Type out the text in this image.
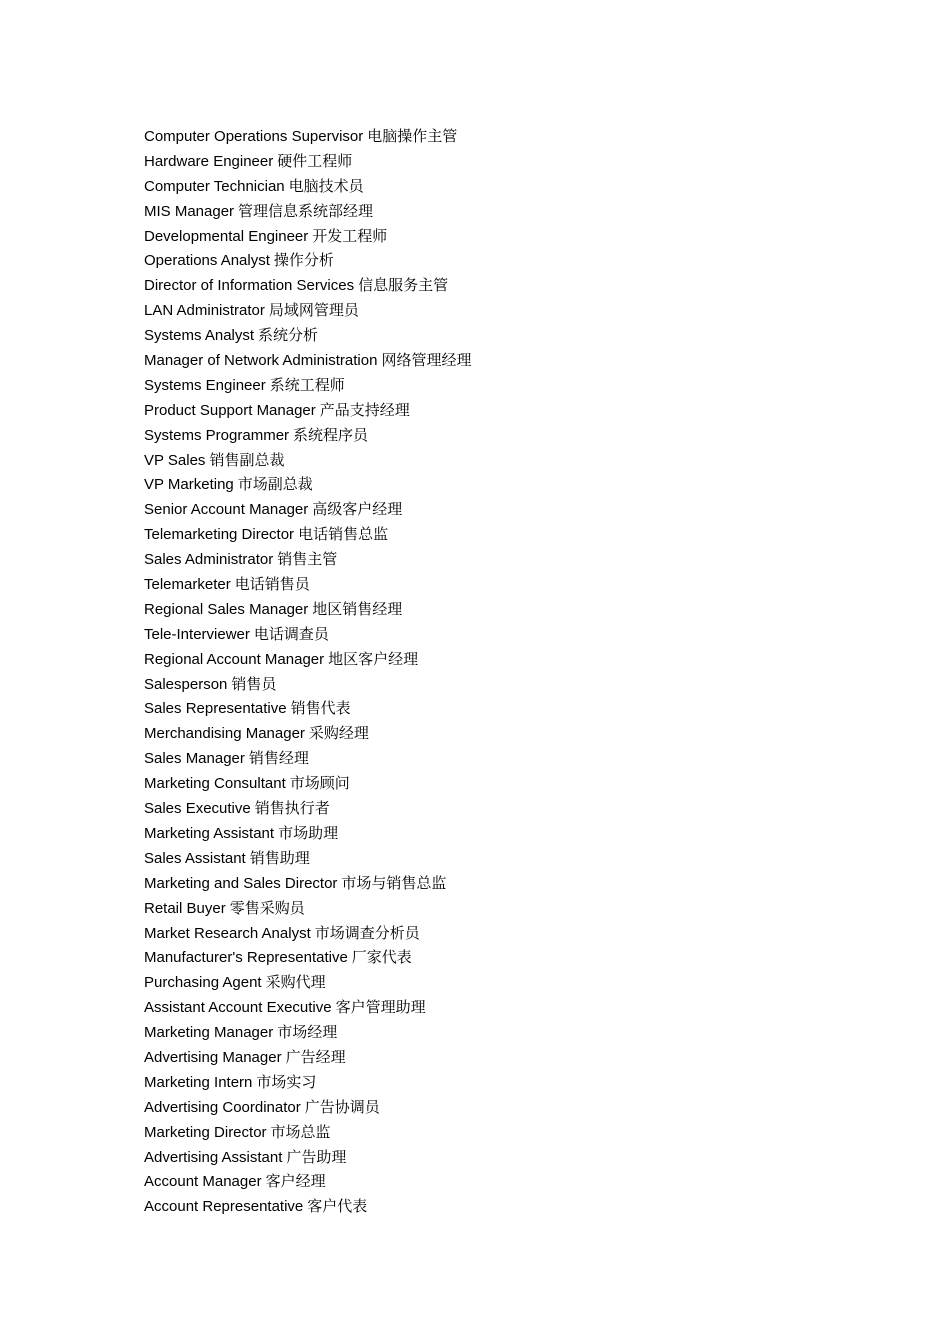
Computer Operations Supervisor 电脑操作主管
Hardware Engineer 硬件工程师
Computer Technician 电脑技术员
MIS Manager 管理信息系统部经理
Developmental Engineer 开发工程师
Operations Analyst 操作分析
Director of Information Services 信息服务主管
LAN Administrator 局域网管理员
Systems Analyst 系统分析
Manager of Network Administration 网络管理经理
Systems Engineer 系统工程师
Product Support Manager 产品支持经理
Systems Programmer 系统程序员
VP Sales 销售副总裁
VP Marketing 市场副总裁
Senior Account Manager 高级客户经理
Telemarketing Director 电话销售总监
Sales Administrator 销售主管
Telemarketer 电话销售员
Regional Sales Manager 地区销售经理
Tele-Interviewer 电话调查员
Regional Account Manager 地区客户经理
Salesperson 销售员
Sales Representative 销售代表
Merchandising Manager 采购经理
Sales Manager 销售经理
Marketing Consultant 市场顾问
Sales Executive 销售执行者
Marketing Assistant 市场助理
Sales Assistant 销售助理
Marketing and Sales Director 市场与销售总监
Retail Buyer 零售采购员
Market Research Analyst 市场调查分析员
Manufacturer's Representative 厂家代表
Purchasing Agent 采购代理
Assistant Account Executive 客户管理助理
Marketing Manager 市场经理
Advertising Manager 广告经理
Marketing Intern 市场实习
Advertising Coordinator 广告协调员
Marketing Director 市场总监
Advertising Assistant 广告助理
Account Manager 客户经理
Account Representative 客户代表
